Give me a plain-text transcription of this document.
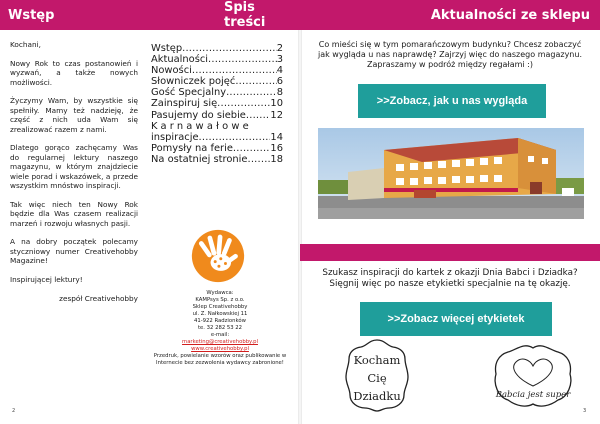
Wstęp	Spis treści	Aktualności ze sklepu

Kochani,

Nowy Rok to czas postanowień i wyzwań, a także nowych możliwości.

Życzymy Wam, by wszystkie się spełniły. Mamy też nadzieję, że część z nich uda Wam się zrealizować razem z nami.

Dlatego gorąco zachęcamy Was do regularnej lektury naszego magazynu, w którym znajdziecie wiele porad i wskazówek, a przede wszystkim mnóstwo inspiracji.

Tak więc niech ten Nowy Rok będzie dla Was czasem realizacji marzeń i rozwoju własnych pasji.

A na dobry początek polecamy styczniowy numer Creativehobby Magazine!

Inspirującej lektury!

zespół Creativehobby

Wstęp .....	2
Aktualności .....	3
Nowości .....	4
Słowniczek pojęć .....	6
Gość Specjalny .....	8
Zainspiruj się .....	10
Pasujemy do siebie ..... 12
Karnawałowe
inspiracje .....	14
Pomysły na ferie .....	16
Na ostatniej stronie ..... 18
Wydawca:
KAMPsys Sp. z o.o.
Sklep Creativehobby
ul. Z. Nałkowskiej 11
41-922 Radzionków
te. 32 282 53 22
e-mail:
marketing@creativehobby.pl
www.creativehobby.pl
Przedruk, powielanie wzorów oraz publikowanie w Internecie bez zezwolenia wydawcy zabronione!
2	3
Co mieści się w tym pomarańczowym budynku? Chcesz zobaczyć jak wygląda u nas naprawdę? Zajrzyj więc do naszego magazynu. Zapraszamy w podróż między regałami :)
>>Zobacz, jak u nas wygląda
Szukasz inspiracji do kartek z okazji Dnia Babci i Dziadka? Sięgnij więc po nasze etykietki specjalnie na tę okazję.
>>Zobacz więcej etykietek
Kocham
Cię
Dziadku	Babcia jest super
